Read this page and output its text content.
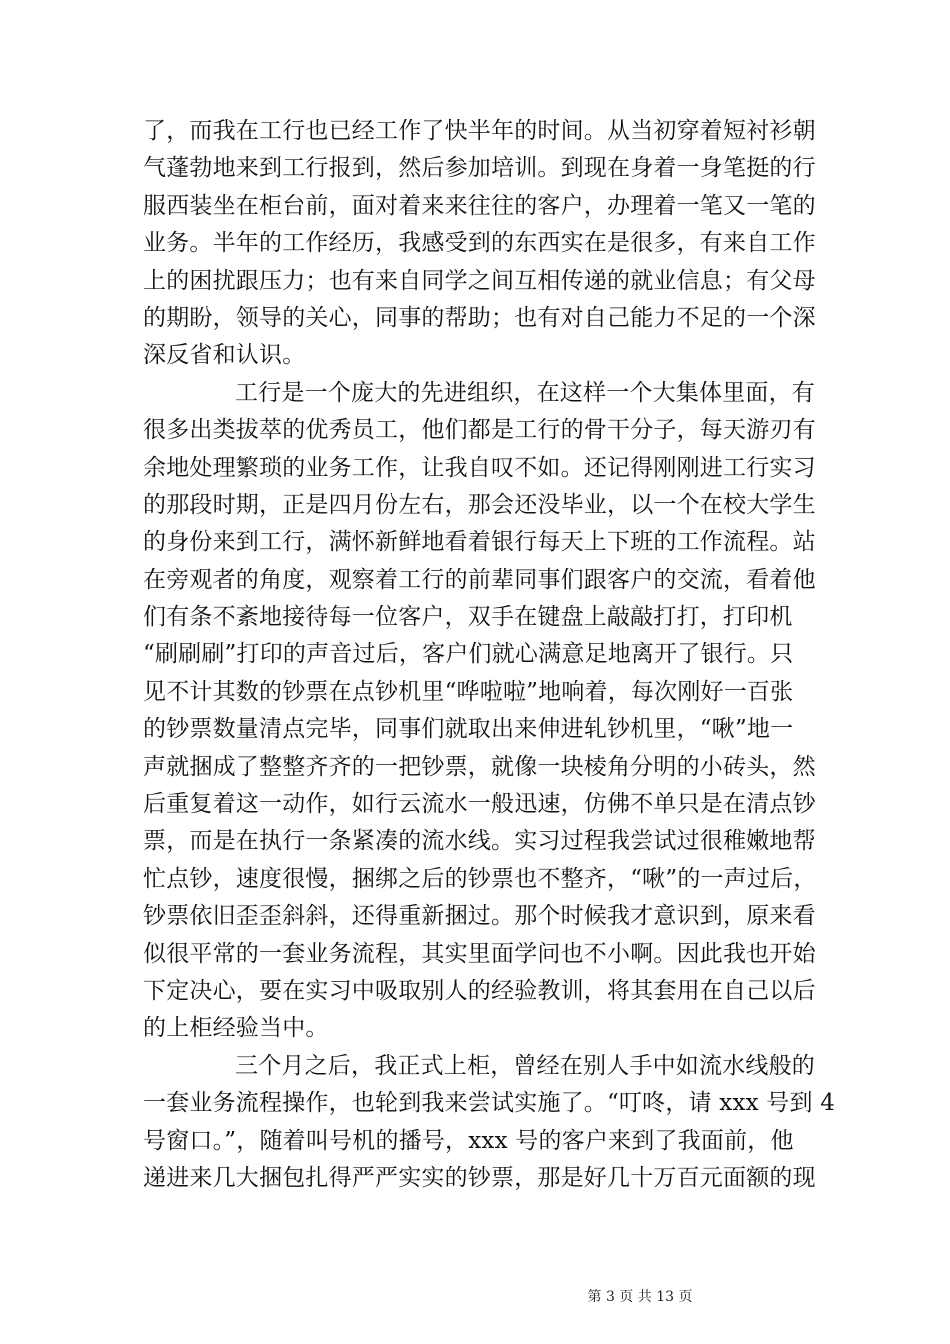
了，而我在工行也已经工作了快半年的时间。从当初穿着短衬衫朝
气蓬勃地来到工行报到，然后参加培训。到现在身着一身笔挺的行
服西装坐在柜台前，面对着来来往往的客户，办理着一笔又一笔的
业务。半年的工作经历，我感受到的东西实在是很多，有来自工作
上的困扰跟压力；也有来自同学之间互相传递的就业信息；有父母
的期盼，领导的关心，同事的帮助；也有对自己能力不足的一个深
深反省和认识。
工行是一个庞大的先进组织，在这样一个大集体里面，有
很多出类拔萃的优秀员工，他们都是工行的骨干分子，每天游刃有
余地处理繁琐的业务工作，让我自叹不如。还记得刚刚进工行实习
的那段时期，正是四月份左右，那会还没毕业，以一个在校大学生
的身份来到工行，满怀新鲜地看着银行每天上下班的工作流程。站
在旁观者的角度，观察着工行的前辈同事们跟客户的交流，看着他
们有条不紊地接待每一位客户，双手在键盘上敲敲打打，打印机
“刷刷刷”打印的声音过后，客户们就心满意足地离开了银行。只
见不计其数的钞票在点钞机里“哗啦啦”地响着，每次刚好一百张
的钞票数量清点完毕，同事们就取出来伸进轧钞机里，“啾”地一
声就捆成了整整齐齐的一把钞票，就像一块棱角分明的小砖头，然
后重复着这一动作，如行云流水一般迅速，仿佛不单只是在清点钞
票，而是在执行一条紧凑的流水线。实习过程我尝试过很稚嫩地帮
忙点钞，速度很慢，捆绑之后的钞票也不整齐，“啾”的一声过后，
钞票依旧歪歪斜斜，还得重新捆过。那个时候我才意识到，原来看
似很平常的一套业务流程，其实里面学问也不小啊。因此我也开始
下定决心，要在实习中吸取别人的经验教训，将其套用在自己以后
的上柜经验当中。
三个月之后，我正式上柜，曾经在别人手中如流水线般的
一套业务流程操作，也轮到我来尝试实施了。“叮咚，请 xxx 号到 4
号窗口。”，随着叫号机的播号，xxx 号的客户来到了我面前，他
递进来几大捆包扎得严严实实的钞票，那是好几十万百元面额的现
第 3 页 共 13 页
